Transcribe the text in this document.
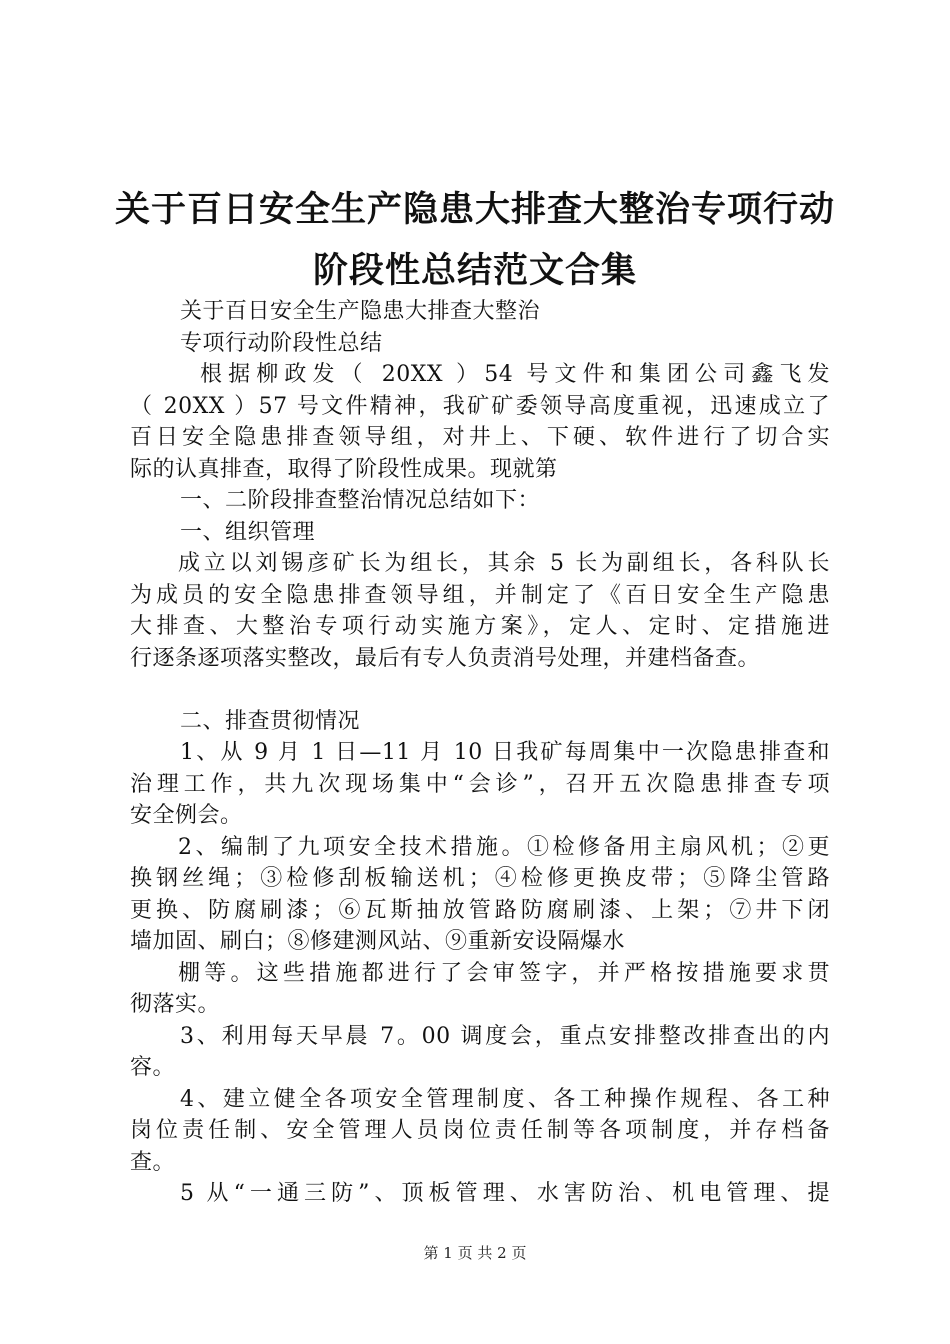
关于百日安全生产隐患大排查大整治专项行动
阶段性总结范文合集
关于百日安全生产隐患大排查大整治
专项行动阶段性总结
根据柳政发（ 20XX ）54 号文件和集团公司鑫飞发
（ 20XX ）57 号文件精神，我矿矿委领导高度重视，迅速成立了
百日安全隐患排查领导组，对井上、下硬、软件进行了切合实
际的认真排查，取得了阶段性成果。现就第
一、二阶段排查整治情况总结如下：
一、组织管理
成立以刘锡彦矿长为组长，其余 5 长为副组长，各科队长
为成员的安全隐患排查领导组，并制定了《百日安全生产隐患
大排查、大整治专项行动实施方案》，定人、定时、定措施进
行逐条逐项落实整改，最后有专人负责消号处理，并建档备查。
二、排查贯彻情况
1、从 9 月 1 日—11 月 10 日我矿每周集中一次隐患排查和
治理工作，共九次现场集中“会诊”，召开五次隐患排查专项
安全例会。
2、编制了九项安全技术措施。①检修备用主扇风机；②更
换钢丝绳；③检修刮板输送机；④检修更换皮带；⑤降尘管路
更换、防腐刷漆；⑥瓦斯抽放管路防腐刷漆、上架；⑦井下闭
墙加固、刷白；⑧修建测风站、⑨重新安设隔爆水
棚等。这些措施都进行了会审签字，并严格按措施要求贯
彻落实。
3、利用每天早晨 7。00 调度会，重点安排整改排查出的内
容。
4、建立健全各项安全管理制度、各工种操作规程、各工种
岗位责任制、安全管理人员岗位责任制等各项制度，并存档备
查。
5 从“一通三防”、顶板管理、水害防治、机电管理、提
第 1 页 共 2 页
